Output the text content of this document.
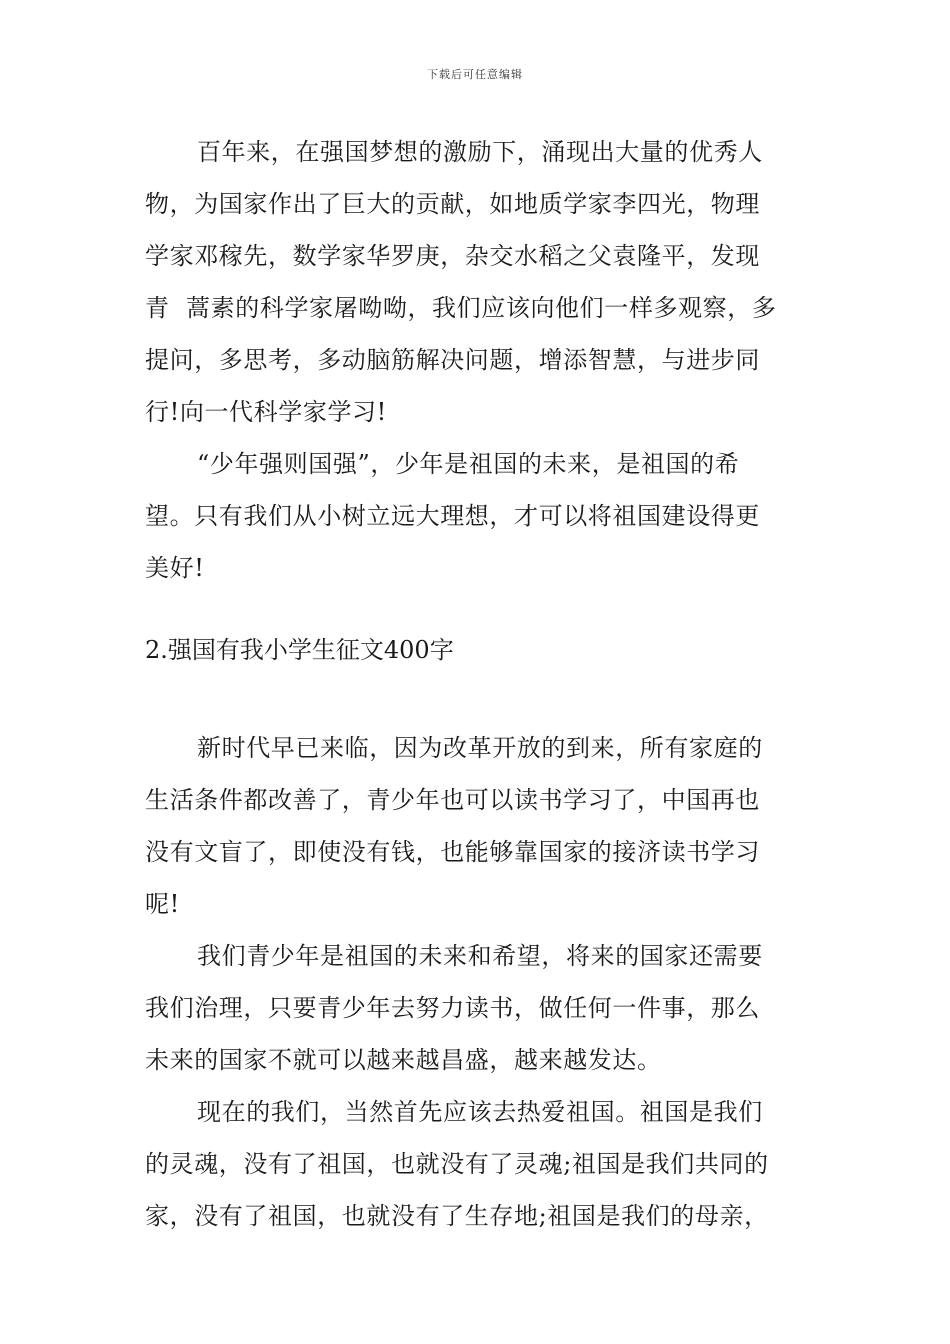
下载后可任意编辑
百年来，在强国梦想的激励下，涌现出大量的优秀人
物，为国家作出了巨大的贡献，如地质学家李四光，物理
学家邓稼先，数学家华罗庚，杂交水稻之父袁隆平，发现
青  蒿素的科学家屠呦呦，我们应该向他们一样多观察，多
提问，多思考，多动脑筋解决问题，增添智慧，与进步同
行!向一代科学家学习!
“少年强则国强”，少年是祖国的未来，是祖国的希
望。只有我们从小树立远大理想，才可以将祖国建设得更
美好!
2.强国有我小学生征文400字
新时代早已来临，因为改革开放的到来，所有家庭的
生活条件都改善了，青少年也可以读书学习了，中国再也
没有文盲了，即使没有钱，也能够靠国家的接济读书学习
呢!
我们青少年是祖国的未来和希望，将来的国家还需要
我们治理，只要青少年去努力读书，做任何一件事，那么
未来的国家不就可以越来越昌盛，越来越发达。
现在的我们，当然首先应该去热爱祖国。祖国是我们
的灵魂，没有了祖国，也就没有了灵魂;祖国是我们共同的
家，没有了祖国，也就没有了生存地;祖国是我们的母亲，
